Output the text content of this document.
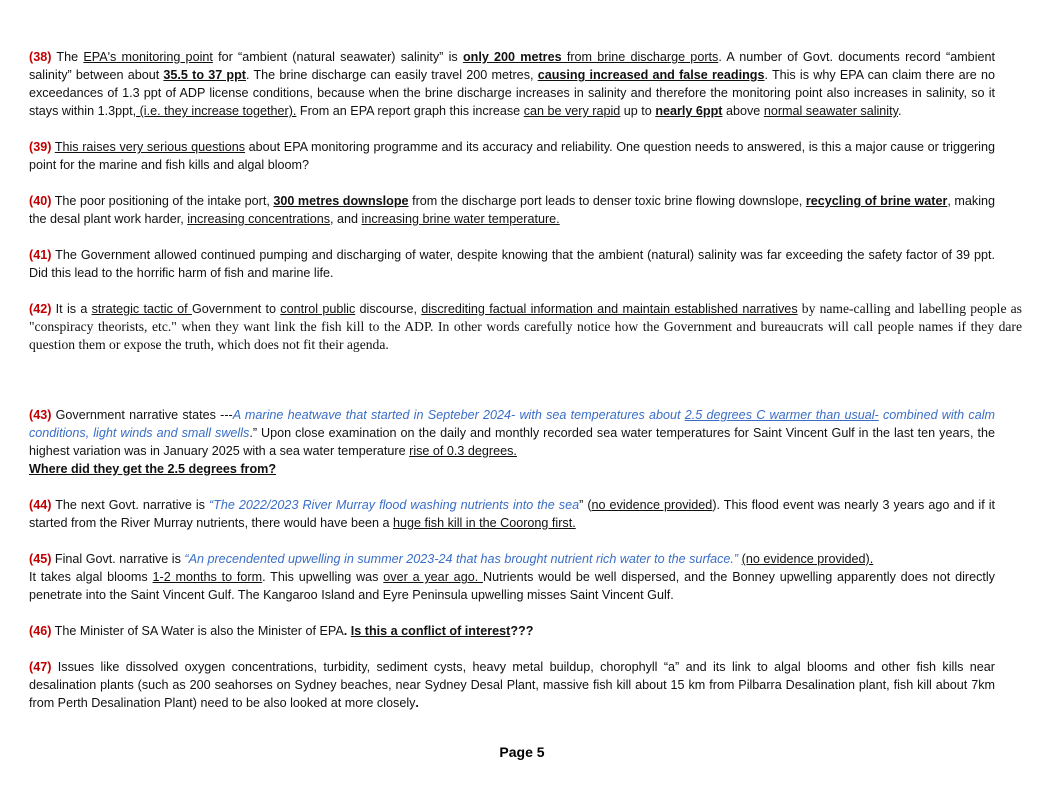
(38) The EPA's monitoring point for “ambient (natural seawater) salinity” is only 200 metres from brine discharge ports. A number of Govt. documents record “ambient salinity” between about 35.5 to 37 ppt. The brine discharge can easily travel 200 metres, causing increased and false readings. This is why EPA can claim there are no exceedances of 1.3 ppt of ADP license conditions, because when the brine discharge increases in salinity and therefore the monitoring point also increases in salinity, so it stays within 1.3ppt, (i.e. they increase together). From an EPA report graph this increase can be very rapid up to nearly 6ppt above normal seawater salinity.

(39) This raises very serious questions about EPA monitoring programme and its accuracy and reliability. One question needs to answered, is this a major cause or triggering point for the marine and fish kills and algal bloom?

(40) The poor positioning of the intake port, 300 metres downslope from the discharge port leads to denser toxic brine flowing downslope, recycling of brine water, making the desal plant work harder, increasing concentrations, and increasing brine water temperature.

(41) The Government allowed continued pumping and discharging of water, despite knowing that the ambient (natural) salinity was far exceeding the safety factor of 39 ppt. Did this lead to the horrific harm of fish and marine life.

(42) It is a strategic tactic of Government to control public discourse, discrediting factual information and maintain established narratives by name-calling and labelling people as "conspiracy theorists, etc." when they want link the fish kill to the ADP. In other words carefully notice how the Government and bureaucrats will call people names if they dare question them or expose the truth, which does not fit their agenda.

(43) Government narrative states ---A marine heatwave that started in Septeber 2024- with sea temperatures about 2.5 degrees C warmer than usual- combined with calm conditions, light winds and small swells.” Upon close examination on the daily and monthly recorded sea water temperatures for Saint Vincent Gulf in the last ten years, the highest variation was in January 2025 with a sea water temperature rise of 0.3 degrees.
Where did they get the 2.5 degrees from?

(44) The next Govt. narrative is “The 2022/2023 River Murray flood washing nutrients into the sea” (no evidence provided). This flood event was nearly 3 years ago and if it started from the River Murray nutrients, there would have been a huge fish kill in the Coorong first.

(45) Final Govt. narrative is “An precendented upwelling in summer 2023-24 that has brought nutrient rich water to the surface.” (no evidence provided).
It takes algal blooms 1-2 months to form. This upwelling was over a year ago. Nutrients would be well dispersed, and the Bonney upwelling apparently does not directly penetrate into the Saint Vincent Gulf. The Kangaroo Island and Eyre Peninsula upwelling misses Saint Vincent Gulf.

(46) The Minister of SA Water is also the Minister of EPA. Is this a conflict of interest???

(47) Issues like dissolved oxygen concentrations, turbidity, sediment cysts, heavy metal buildup, chorophyll “a” and its link to algal blooms and other fish kills near desalination plants (such as 200 seahorses on Sydney beaches, near Sydney Desal Plant, massive fish kill about 15 km from Pilbarra Desalination plant, fish kill about 7km from Perth Desalination Plant) need to be also looked at more closely.

Page 5
